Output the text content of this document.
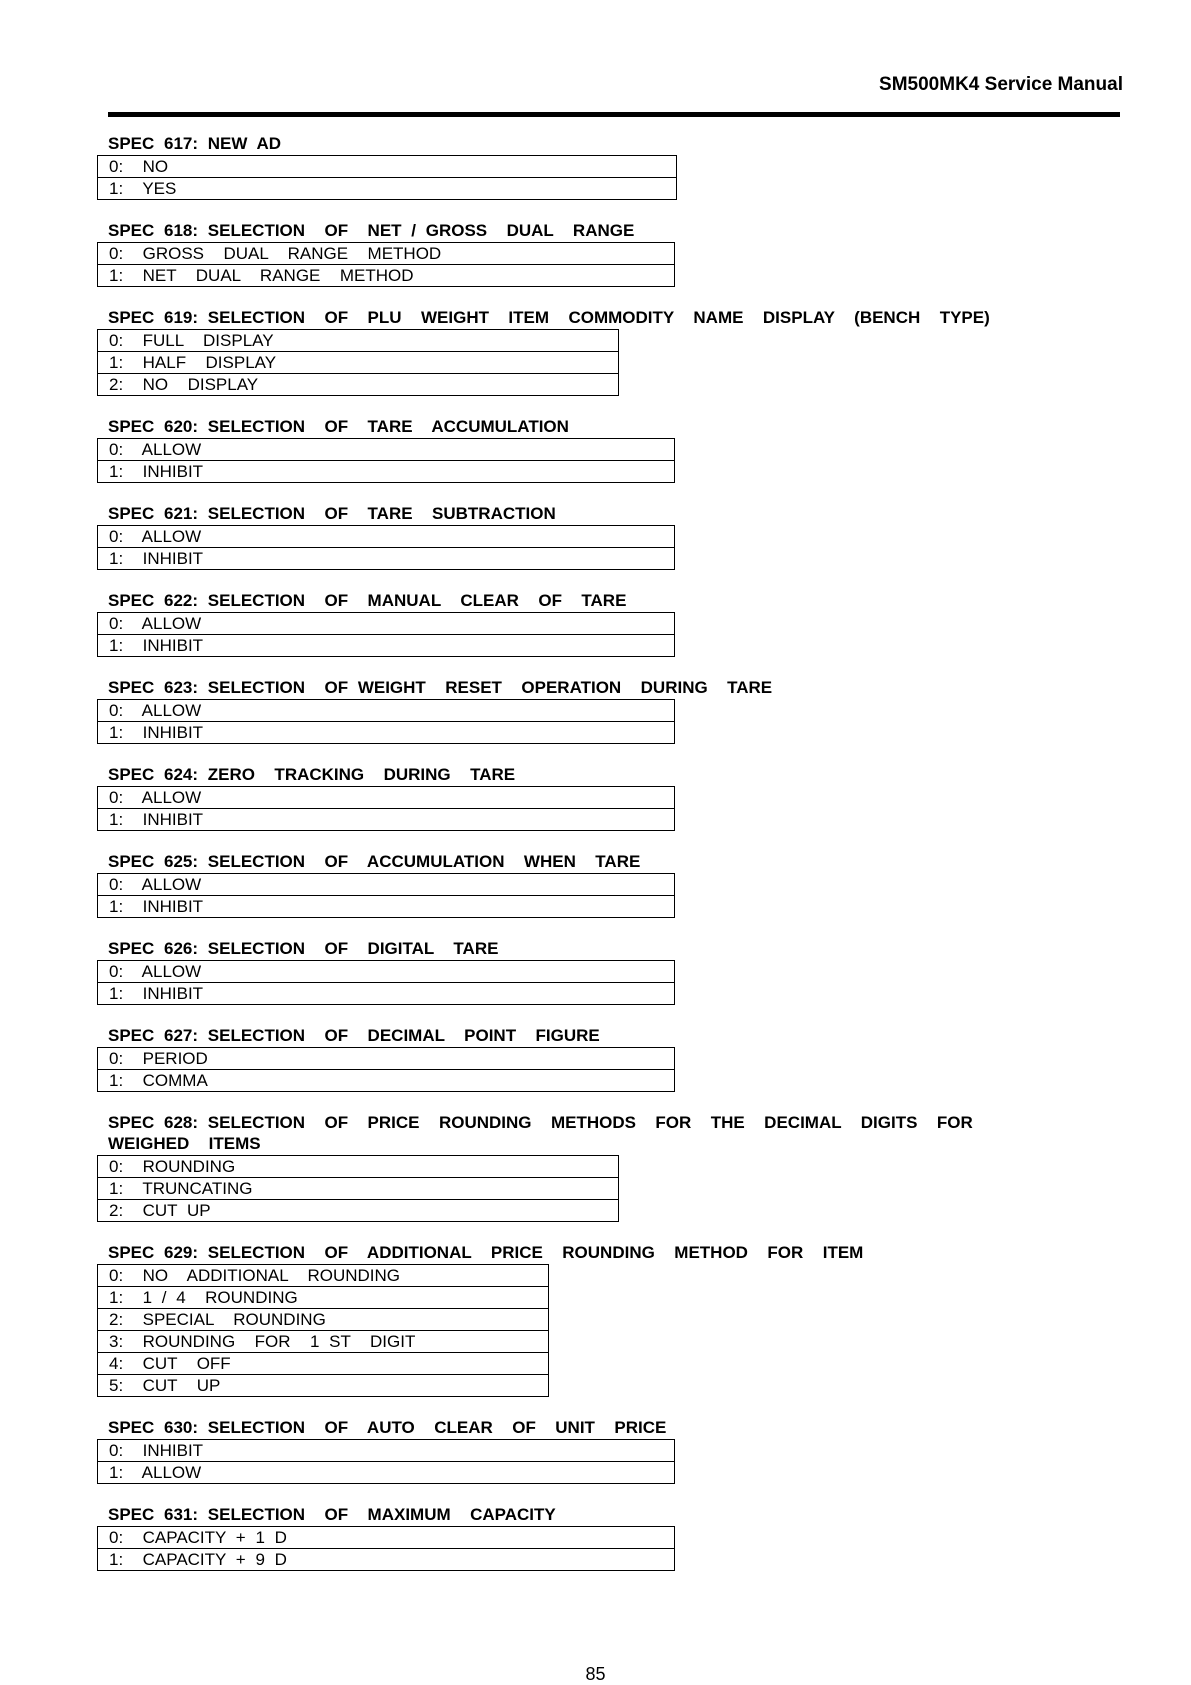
SM500MK4 Service Manual
SPEC 617: NEW AD
0:  NO
1:  YES
SPEC 618: SELECTION  OF  NET / GROSS  DUAL  RANGE
0:  GROSS  DUAL  RANGE  METHOD
1:  NET  DUAL  RANGE  METHOD
SPEC 619: SELECTION  OF  PLU  WEIGHT  ITEM  COMMODITY  NAME  DISPLAY  (BENCH  TYPE)
0:  FULL  DISPLAY
1:  HALF  DISPLAY
2:  NO  DISPLAY
SPEC 620: SELECTION  OF  TARE  ACCUMULATION
0:  ALLOW
1:  INHIBIT
SPEC 621: SELECTION  OF  TARE  SUBTRACTION
0:  ALLOW
1:  INHIBIT
SPEC 622: SELECTION  OF  MANUAL  CLEAR  OF  TARE
0:  ALLOW
1:  INHIBIT
SPEC 623: SELECTION  OF WEIGHT  RESET  OPERATION  DURING  TARE
0:  ALLOW
1:  INHIBIT
SPEC 624: ZERO  TRACKING  DURING  TARE
0:  ALLOW
1:  INHIBIT
SPEC 625: SELECTION  OF  ACCUMULATION  WHEN  TARE
0:  ALLOW
1:  INHIBIT
SPEC 626: SELECTION  OF  DIGITAL  TARE
0:  ALLOW
1:  INHIBIT
SPEC 627: SELECTION  OF  DECIMAL  POINT  FIGURE
0:  PERIOD
1:  COMMA
SPEC 628: SELECTION  OF  PRICE  ROUNDING  METHODS  FOR  THE  DECIMAL  DIGITS  FOR  WEIGHED  ITEMS
0:  ROUNDING
1:  TRUNCATING
2:  CUT UP
SPEC 629: SELECTION  OF  ADDITIONAL  PRICE  ROUNDING  METHOD  FOR  ITEM
0:  NO  ADDITIONAL  ROUNDING
1:  1 / 4  ROUNDING
2:  SPECIAL  ROUNDING
3:  ROUNDING  FOR  1 ST  DIGIT
4:  CUT  OFF
5:  CUT  UP
SPEC 630: SELECTION  OF  AUTO  CLEAR  OF  UNIT  PRICE
0:  INHIBIT
1:  ALLOW
SPEC 631: SELECTION  OF  MAXIMUM  CAPACITY
0:  CAPACITY + 1 D
1:  CAPACITY + 9 D
85
